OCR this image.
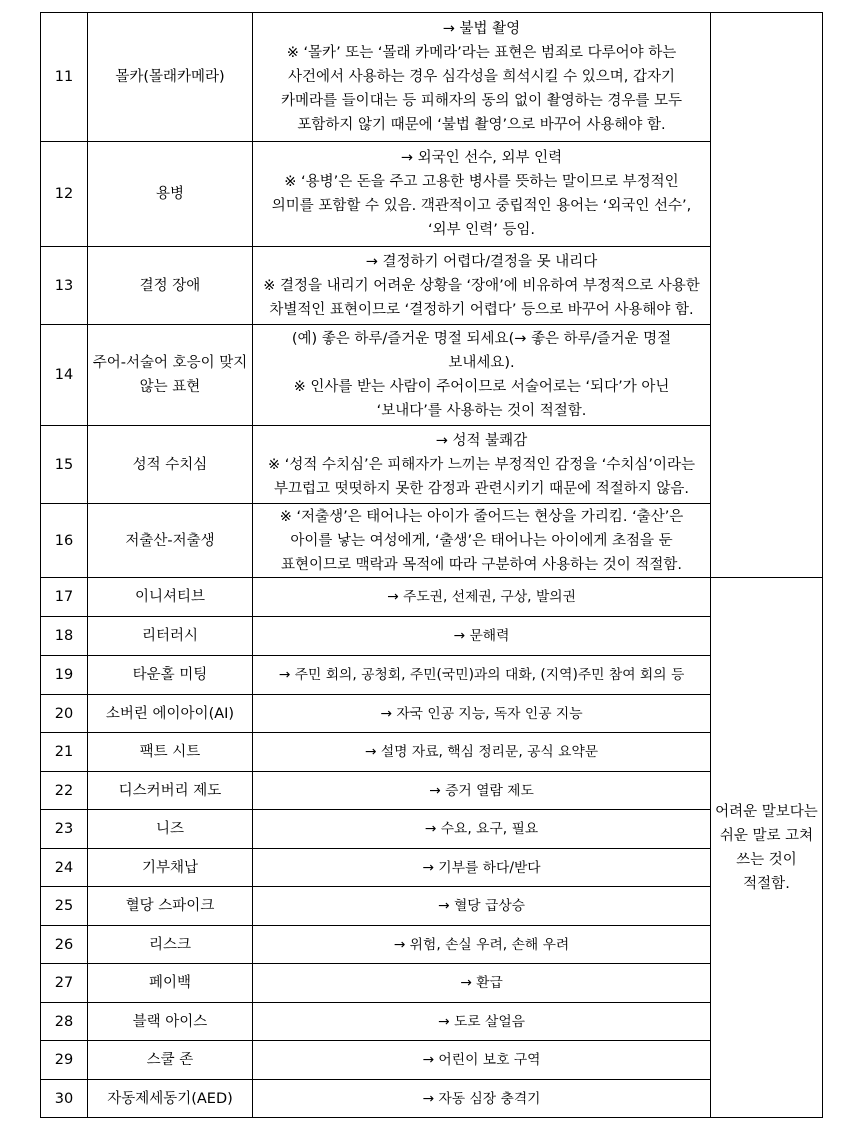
11	몰카(몰래카메라)	→ 불법 촬영
※ ‘몰카’ 또는 ‘몰래 카메라’라는 표현은 범죄로 다루어야 하는
사건에서 사용하는 경우 심각성을 희석시킬 수 있으며, 갑자기
카메라를 들이대는 등 피해자의 동의 없이 촬영하는 경우를 모두
포함하지 않기 때문에 ‘불법 촬영’으로 바꾸어 사용해야 함.	

12	용병	→ 외국인 선수, 외부 인력
※ ‘용병’은 돈을 주고 고용한 병사를 뜻하는 말이므로 부정적인
의미를 포함할 수 있음. 객관적이고 중립적인 용어는 ‘외국인 선수’,
‘외부 인력’ 등임.	

13	결정 장애	→ 결정하기 어렵다/결정을 못 내리다
※ 결정을 내리기 어려운 상황을 ‘장애’에 비유하여 부정적으로 사용한
차별적인 표현이므로 ‘결정하기 어렵다’ 등으로 바꾸어 사용해야 함.	

14	주어-서술어 호응이 맞지
않는 표현	(예) 좋은 하루/즐거운 명절 되세요(→ 좋은 하루/즐거운 명절
보내세요).
※ 인사를 받는 사람이 주어이므로 서술어로는 ‘되다’가 아닌
‘보내다’를 사용하는 것이 적절함.	

15	성적 수치심	→ 성적 불쾌감
※ ‘성적 수치심’은 피해자가 느끼는 부정적인 감정을 ‘수치심’이라는
부끄럽고 떳떳하지 못한 감정과 관련시키기 때문에 적절하지 않음.	

16	저출산-저출생	※ ‘저출생’은 태어나는 아이가 줄어드는 현상을 가리킴. ‘출산’은
아이를 낳는 여성에게, ‘출생’은 태어나는 아이에게 초점을 둔
표현이므로 맥락과 목적에 따라 구분하여 사용하는 것이 적절함.	

17	이니셔티브	→ 주도권, 선제권, 구상, 발의권	어려운 말보다는
쉬운 말로 고쳐
쓰는 것이
적절함.

18	리터러시	→ 문해력	

19	타운홀 미팅	→ 주민 회의, 공청회, 주민(국민)과의 대화, (지역)주민 참여 회의 등	

20	소버린 에이아이(AI)	→ 자국 인공 지능, 독자 인공 지능	

21	팩트 시트	→ 설명 자료, 핵심 정리문, 공식 요약문	

22	디스커버리 제도	→ 증거 열람 제도	

23	니즈	→ 수요, 요구, 필요	

24	기부채납	→ 기부를 하다/받다	

25	혈당 스파이크	→ 혈당 급상승	

26	리스크	→ 위험, 손실 우려, 손해 우려	

27	페이백	→ 환급	

28	블랙 아이스	→ 도로 살얼음	

29	스쿨 존	→ 어린이 보호 구역	

30	자동제세동기(AED)	→ 자동 심장 충격기	
